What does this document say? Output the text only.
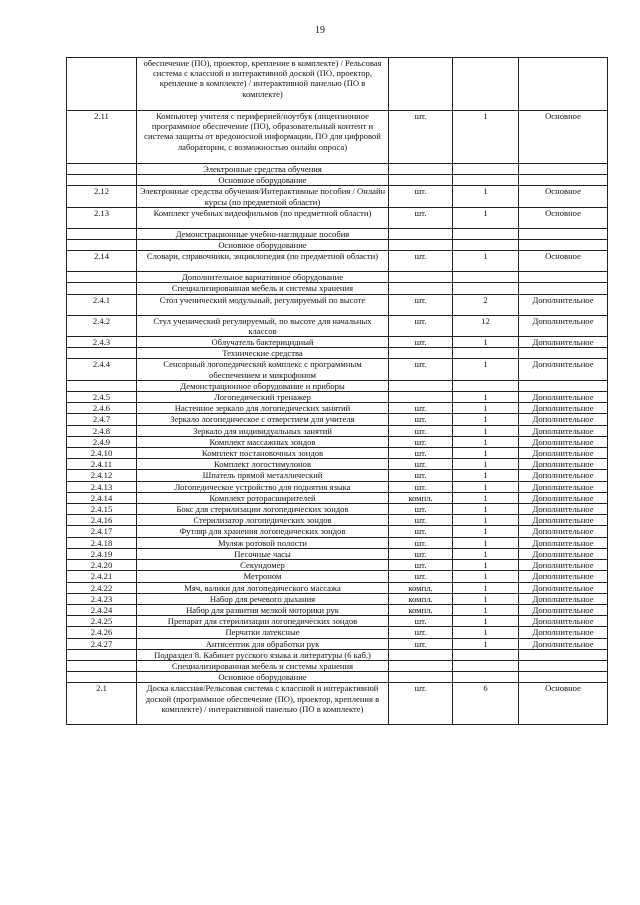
19
	обеспечение (ПО), проектор, крепление в комплекте) / Рельсовая система с классной и интерактивной доской (ПО, проектор, крепление в комплекте) / интерактивной панелью (ПО в комплекте)			
2.11	Компьютер учителя с периферией/ноутбук (лицензионное программное обеспечение (ПО), образовательный контент и система защиты от вредоносной информации, ПО для цифровой лаборатории, с возможностью онлайн опроса)	шт.	1	Основное
	Электронные средства обучения			
	Основное оборудование			
2.12	Электронные средства обучения/Интерактивные пособия / Онлайн курсы (по предметной области)	шт.	1	Основное
2.13	Комплект учебных видеофильмов (по предметной области)	шт.	1	Основное
	Демонстрационные учебно-наглядные пособия			
	Основное оборудование			
2.14	Словари, справочники, энциклопедия (по предметной области)	шт.	1	Основное
	Дополнительное вариативное оборудование			
	Специализированная мебель и системы хранения			
2.4.1	Стол ученический модульный, регулируемый по высоте	шт.	2	Дополнительное
2.4.2	Стул ученический регулируемый, по высоте для начальных классов	шт.	12	Дополнительное
2.4.3	Облучатель бактерицидный	шт.	1	Дополнительное
	Технические средства			
2.4.4	Сенсорный логопедический комплекс с программным обеспечением и микрофоном	шт.	1	Дополнительное
	Демонстрационное оборудование и приборы			
2.4.5	Логопедический тренажер		1	Дополнительное
2.4.6	Настенное зеркало для логопедических занятий	шт.	1	Дополнительное
2.4.7	Зеркало логопедическое с отверстием для учителя	шт.	1	Дополнительное
2.4.8	Зеркало для индивидуальных занятий	шт.	1	Дополнительное
2.4.9	Комплект массажных зондов	шт.	1	Дополнительное
2.4.10	Комплект постановочных зондов	шт.	1	Дополнительное
2.4.11	Комплект логостимулонов	шт.	1	Дополнительное
2.4.12	Шпатель прямой металлический	шт.	1	Дополнительное
2.4.13	Логопедическое устройство для поднятия языка	шт.	1	Дополнительное
2.4.14	Комплект роторасширителей	компл.	1	Дополнительное
2.4.15	Бокс для стерилизации логопедических зондов	шт.	1	Дополнительное
2.4.16	Стерилизатор логопедических зондов	шт.	1	Дополнительное
2.4.17	Футляр для хранения логопедических зондов	шт.	1	Дополнительное
2.4.18	Муляж ротовой полости	шт.	1	Дополнительное
2.4.19	Песочные часы	шт.	1	Дополнительное
2.4.20	Секундомер	шт.	1	Дополнительное
2.4.21	Метроном	шт.	1	Дополнительное
2.4.22	Мяч, валики для логопедического массажа	компл.	1	Дополнительное
2.4.23	Набор для речевого дыхания	компл.	1	Дополнительное
2.4.24	Набор для развития мелкой моторики рук	компл.	1	Дополнительное
2.4.25	Препарат для стерилизации логопедических зондов	шт.	1	Дополнительное
2.4.26	Перчатки латексные	шт.	1	Дополнительное
2.4.27	Антисептик для обработки рук	шт.	1	Дополнительное
	Подраздел 8. Кабинет русского языка и литературы (6 каб.)			
	Специализированная мебель и системы хранения			
	Основное оборудование			
2.1	Доска классная/Рельсовая система с классной и интерактивной доской (программное обеспечение (ПО), проектор, крепления в комплекте) / интерактивной панелью (ПО в комплекте)	шт.	6	Основное
